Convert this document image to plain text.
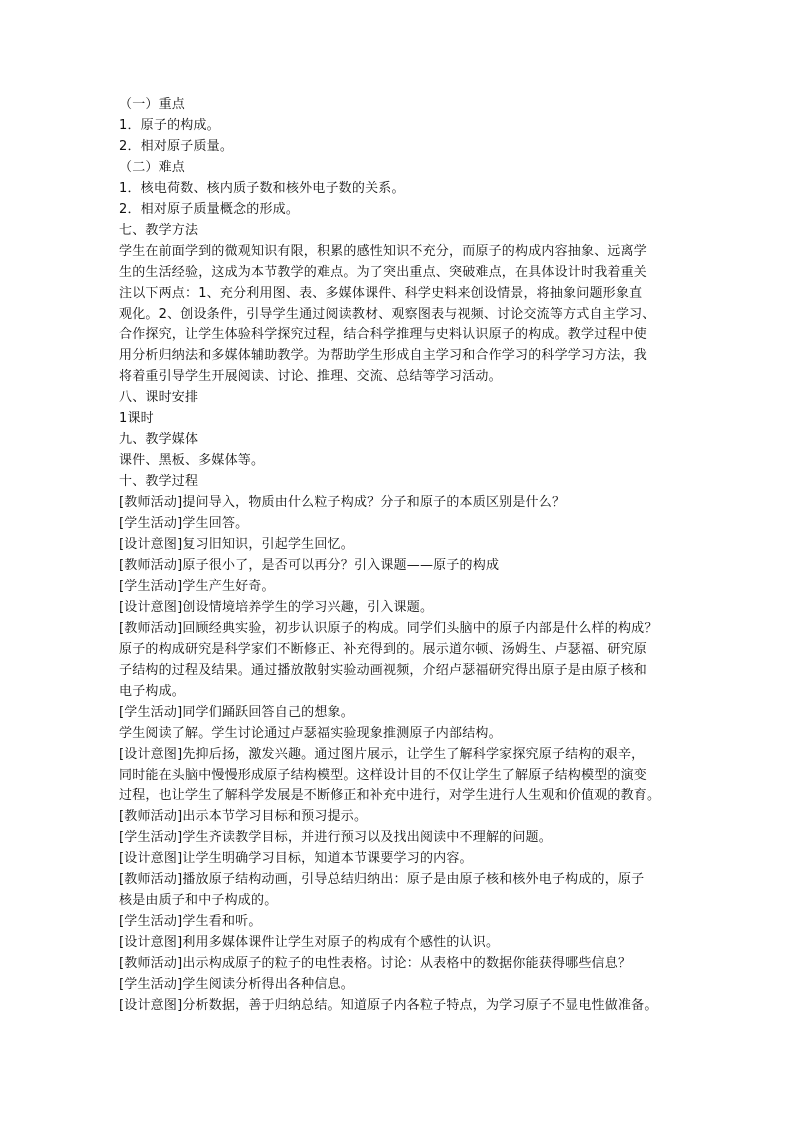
（一）重点
1．原子的构成。
2．相对原子质量。
（二）难点
1．核电荷数、核内质子数和核外电子数的关系。
2．相对原子质量概念的形成。
七、教学方法
学生在前面学到的微观知识有限，积累的感性知识不充分，而原子的构成内容抽象、远离学
生的生活经验，这成为本节教学的难点。为了突出重点、突破难点，在具体设计时我着重关
注以下两点：1、充分利用图、表、多媒体课件、科学史料来创设情景，将抽象问题形象直
观化。2、创设条件，引导学生通过阅读教材、观察图表与视频、讨论交流等方式自主学习、
合作探究，让学生体验科学探究过程，结合科学推理与史料认识原子的构成。教学过程中使
用分析归纳法和多媒体辅助教学。为帮助学生形成自主学习和合作学习的科学学习方法，我
将着重引导学生开展阅读、讨论、推理、交流、总结等学习活动。
八、课时安排
1课时
九、教学媒体
课件、黑板、多媒体等。
十、教学过程
[教师活动]提问导入，物质由什么粒子构成？分子和原子的本质区别是什么？
[学生活动]学生回答。
[设计意图]复习旧知识，引起学生回忆。
[教师活动]原子很小了，是否可以再分？引入课题——原子的构成
[学生活动]学生产生好奇。
[设计意图]创设情境培养学生的学习兴趣，引入课题。
[教师活动]回顾经典实验，初步认识原子的构成。同学们头脑中的原子内部是什么样的构成？
原子的构成研究是科学家们不断修正、补充得到的。展示道尔顿、汤姆生、卢瑟福、研究原
子结构的过程及结果。通过播放散射实验动画视频，介绍卢瑟福研究得出原子是由原子核和
电子构成。
[学生活动]同学们踊跃回答自己的想象。
学生阅读了解。学生讨论通过卢瑟福实验现象推测原子内部结构。
[设计意图]先抑后扬，激发兴趣。通过图片展示，让学生了解科学家探究原子结构的艰辛，
同时能在头脑中慢慢形成原子结构模型。这样设计目的不仅让学生了解原子结构模型的演变
过程，也让学生了解科学发展是不断修正和补充中进行，对学生进行人生观和价值观的教育。
[教师活动]出示本节学习目标和预习提示。
[学生活动]学生齐读教学目标，并进行预习以及找出阅读中不理解的问题。
[设计意图]让学生明确学习目标，知道本节课要学习的内容。
[教师活动]播放原子结构动画，引导总结归纳出：原子是由原子核和核外电子构成的，原子
核是由质子和中子构成的。
[学生活动]学生看和听。
[设计意图]利用多媒体课件让学生对原子的构成有个感性的认识。
[教师活动]出示构成原子的粒子的电性表格。讨论：从表格中的数据你能获得哪些信息？
[学生活动]学生阅读分析得出各种信息。
[设计意图]分析数据，善于归纳总结。知道原子内各粒子特点，为学习原子不显电性做准备。
